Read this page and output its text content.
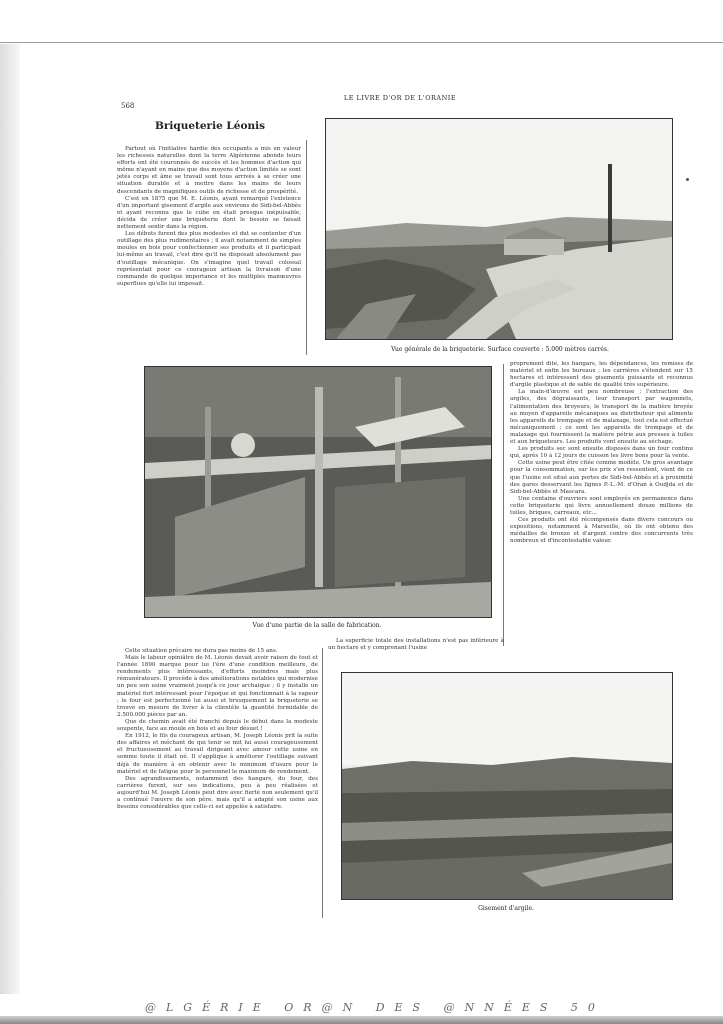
568
LE LIVRE D'OR DE L'ORANIE
Briqueterie Léonis

Partout où l'initiative hardie des occupants a mis en valeur les richesses naturelles dont la terre Algérienne abonde leurs efforts ont été couronnés de succès et les hommes d'action qui même n'ayant en mains que des moyens d'action limités se sont jetés corps et âme se travail sont tous arrivés à se créer une situation durable et à mettre dans les mains de leurs descendants de magnifiques outils de richesse et de prospérité.

C'est en 1875 que M. E. Léonis, ayant remarqué l'existence d'un important gisement d'argile aux environs de Sidi-bel-Abbès et ayant reconnu que le cube en était presque inépuisable, décida de créer une briqueterie dont le besoin se faisait nettement sentir dans la région.

Les débuts furent des plus modestes et dut se contenter d'un outillage des plus rudimentaires ; il avait notamment de simples moules en bois pour confectionner ses produits et il participait lui-même au travail, c'est dire qu'il ne disposait absolument pas d'outillage mécanique. On s'imagine quel travail colossal représentait pour ce courageux artisan la livraison d'une commande de quelque importance et les multiples manœuvres superflues qu'elle lui imposait.

Vue générale de la briqueterie. Surface couverte : 5.000 mètres carrés.
Vue d'une partie de la salle de fabrication.

proprement dite, les hangars, les dépendances, les remises de matériel et enfin les bureaux ; les carrières s'étendent sur 15 hectares et intéressent des gisements puissants et reconnus d'argile plastique et de sable de qualité très supérieure.

La main-d'œuvre est peu nombreuse ; l'extraction des argiles, des dégraissants, leur transport par wagonnets, l'alimentation des broyeurs, le transport de la matière broyée au moyen d'appareils mécaniques au distributeur qui alimente les appareils de trempage et de malaxage, tout cela est effectué mécaniquement ; ce sont les appareils de trempage et de malaxage qui fournissent la matière pétrie aux presses à tuiles et aux briqueteurs. Les produits vont ensuite au séchage.

Les produits sec sont ensuite disposés dans un four continu qui, après 10 à 12 jours de cuisson les livre bons pour la vente.

Cette usine peut être citée comme modèle. Un gros avantage pour la consommation, sur les prix s'en ressentent, vient de ce que l'usine est situé aux portes de Sidi-bel-Abbès et à proximité des gares desservant les lignes P.-L.-M. d'Oran à Oudjda et de Sidi-bel-Abbès et Mascara.

Une centaine d'ouvriers sont employés en permanence dans cette briqueterie qui livre annuellement douze millions de tuiles, briques, carreaux, etc...

Ces produits ont été récompensés dans divers concours ou expositions, notamment à Marseille, où ils ont obtenu des médailles de bronze et d'argent contre des concurrents très nombreux et d'incontestable valeur.

Cette situation précaire ne dura pas moins de 15 ans.

Mais le labeur opiniâtre de M. Léonis devait avoir raison de tout et l'année 1890 marque pour lui l'ère d'une condition meilleure, de rendements plus intéressants, d'efforts moindres mais plus rémunérateurs. Il procède à des améliorations notables qui modernise un peu son usine vraiment jusqu'à ce jour archaïque ; il y installe un matériel fort intéressant pour l'époque et qui fonctionnait à la vapeur ; le four est perfectionné lui aussi et brusquement la briqueterie se trouve en mesure de livrer à la clientèle la quantité formidable de 2.500.000 pièces par an.

Que de chemin avait été franchi depuis le début dans la modeste soupente, face au moule en bois et au four désuet !

En 1912, le fils du courageux artisan, M. Joseph Léonis prit la suite des affaires et méchant de qui tenir se mit lui aussi courageusement et fructueusement au travail dirigeant avec amour cette usine en somme toute il était né. Il s'applique à améliorer l'outillage suivant déjà de manière à en obtenir avec le minimum d'usure pour le matériel et de fatigue pour le personnel le maximum de rendement.

Des agrandissements, notamment des hangars, du four, des carrières furent, sur ses indications, peu à peu réalisées et aujourd'hui M. Joseph Léonis peut dire avec fierté non seulement qu'il a continué l'œuvre de son père, mais qu'il a adapté son usine aux besoins considérables que celle-ci est appelée à satisfaire.

La superficie totale des installations n'est pas inférieure à un hectare et y comprenant l'usine

Gisement d'argile.
@LGÉRIE OR@N DES @NNÉES 50
